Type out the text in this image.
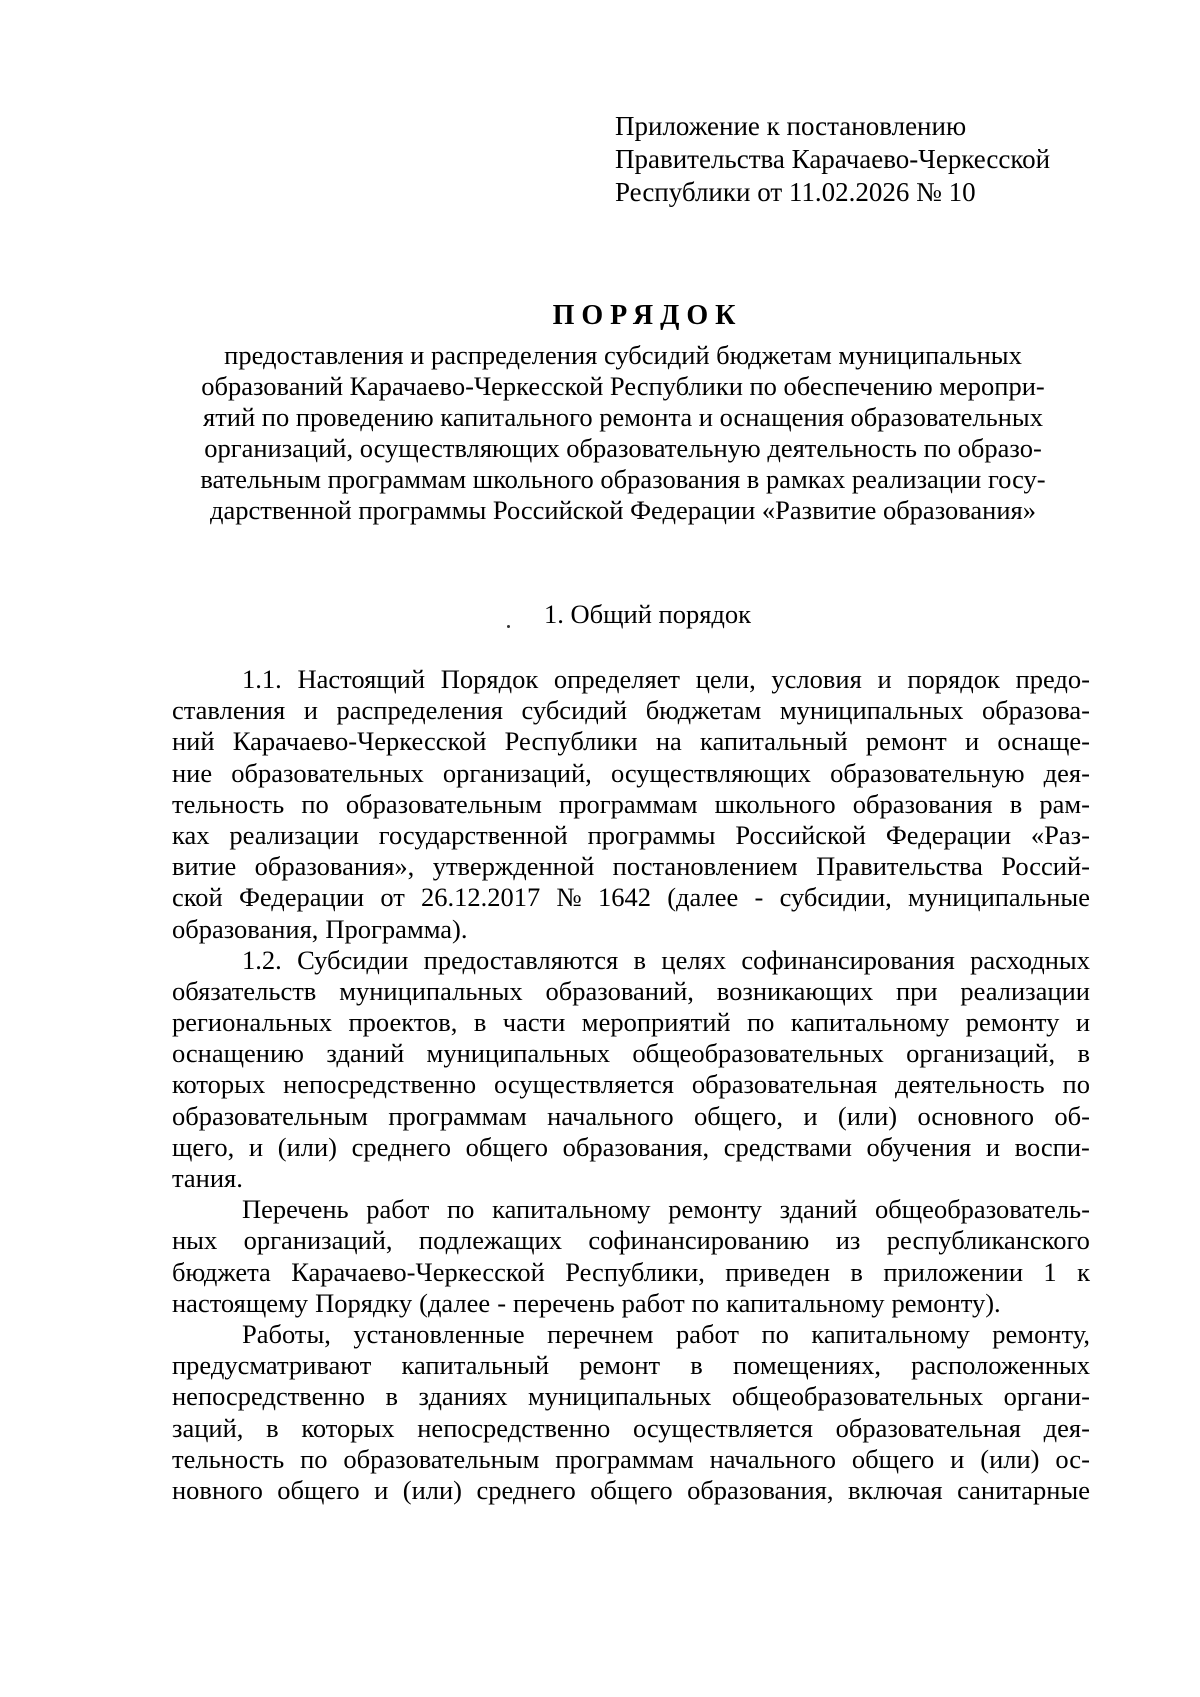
Приложение к постановлению
Правительства Карачаево-Черкесской
Республики от 11.02.2026 № 10
ПОРЯДОК
предоставления и распределения субсидий бюджетам муниципальных
образований Карачаево-Черкесской Республики по обеспечению меропри-
ятий по проведению капитального ремонта и оснащения образовательных
организаций, осуществляющих образовательную деятельность по образо-
вательным программам школьного образования в рамках реализации госу-
дарственной программы Российской Федерации «Развитие образования»
1. Общий порядок
1.1. Настоящий Порядок определяет цели, условия и порядок предо-
ставления и распределения субсидий бюджетам муниципальных образова-
ний Карачаево-Черкесской Республики на капитальный ремонт и оснаще-
ние образовательных организаций, осуществляющих образовательную дея-
тельность по образовательным программам школьного образования в рам-
ках реализации государственной программы Российской Федерации «Раз-
витие образования», утвержденной постановлением Правительства Россий-
ской Федерации от 26.12.2017 № 1642 (далее - субсидии, муниципальные
образования, Программа).
1.2. Субсидии предоставляются в целях софинансирования расходных
обязательств муниципальных образований, возникающих при реализации
региональных проектов, в части мероприятий по капитальному ремонту и
оснащению зданий муниципальных общеобразовательных организаций, в
которых непосредственно осуществляется образовательная деятельность по
образовательным программам начального общего, и (или) основного об-
щего, и (или) среднего общего образования, средствами обучения и воспи-
тания.
Перечень работ по капитальному ремонту зданий общеобразователь-
ных организаций, подлежащих софинансированию из республиканского
бюджета Карачаево-Черкесской Республики, приведен в приложении 1 к
настоящему Порядку (далее - перечень работ по капитальному ремонту).
Работы, установленные перечнем работ по капитальному ремонту,
предусматривают капитальный ремонт в помещениях, расположенных
непосредственно в зданиях муниципальных общеобразовательных органи-
заций, в которых непосредственно осуществляется образовательная дея-
тельность по образовательным программам начального общего и (или) ос-
новного общего и (или) среднего общего образования, включая санитарные
